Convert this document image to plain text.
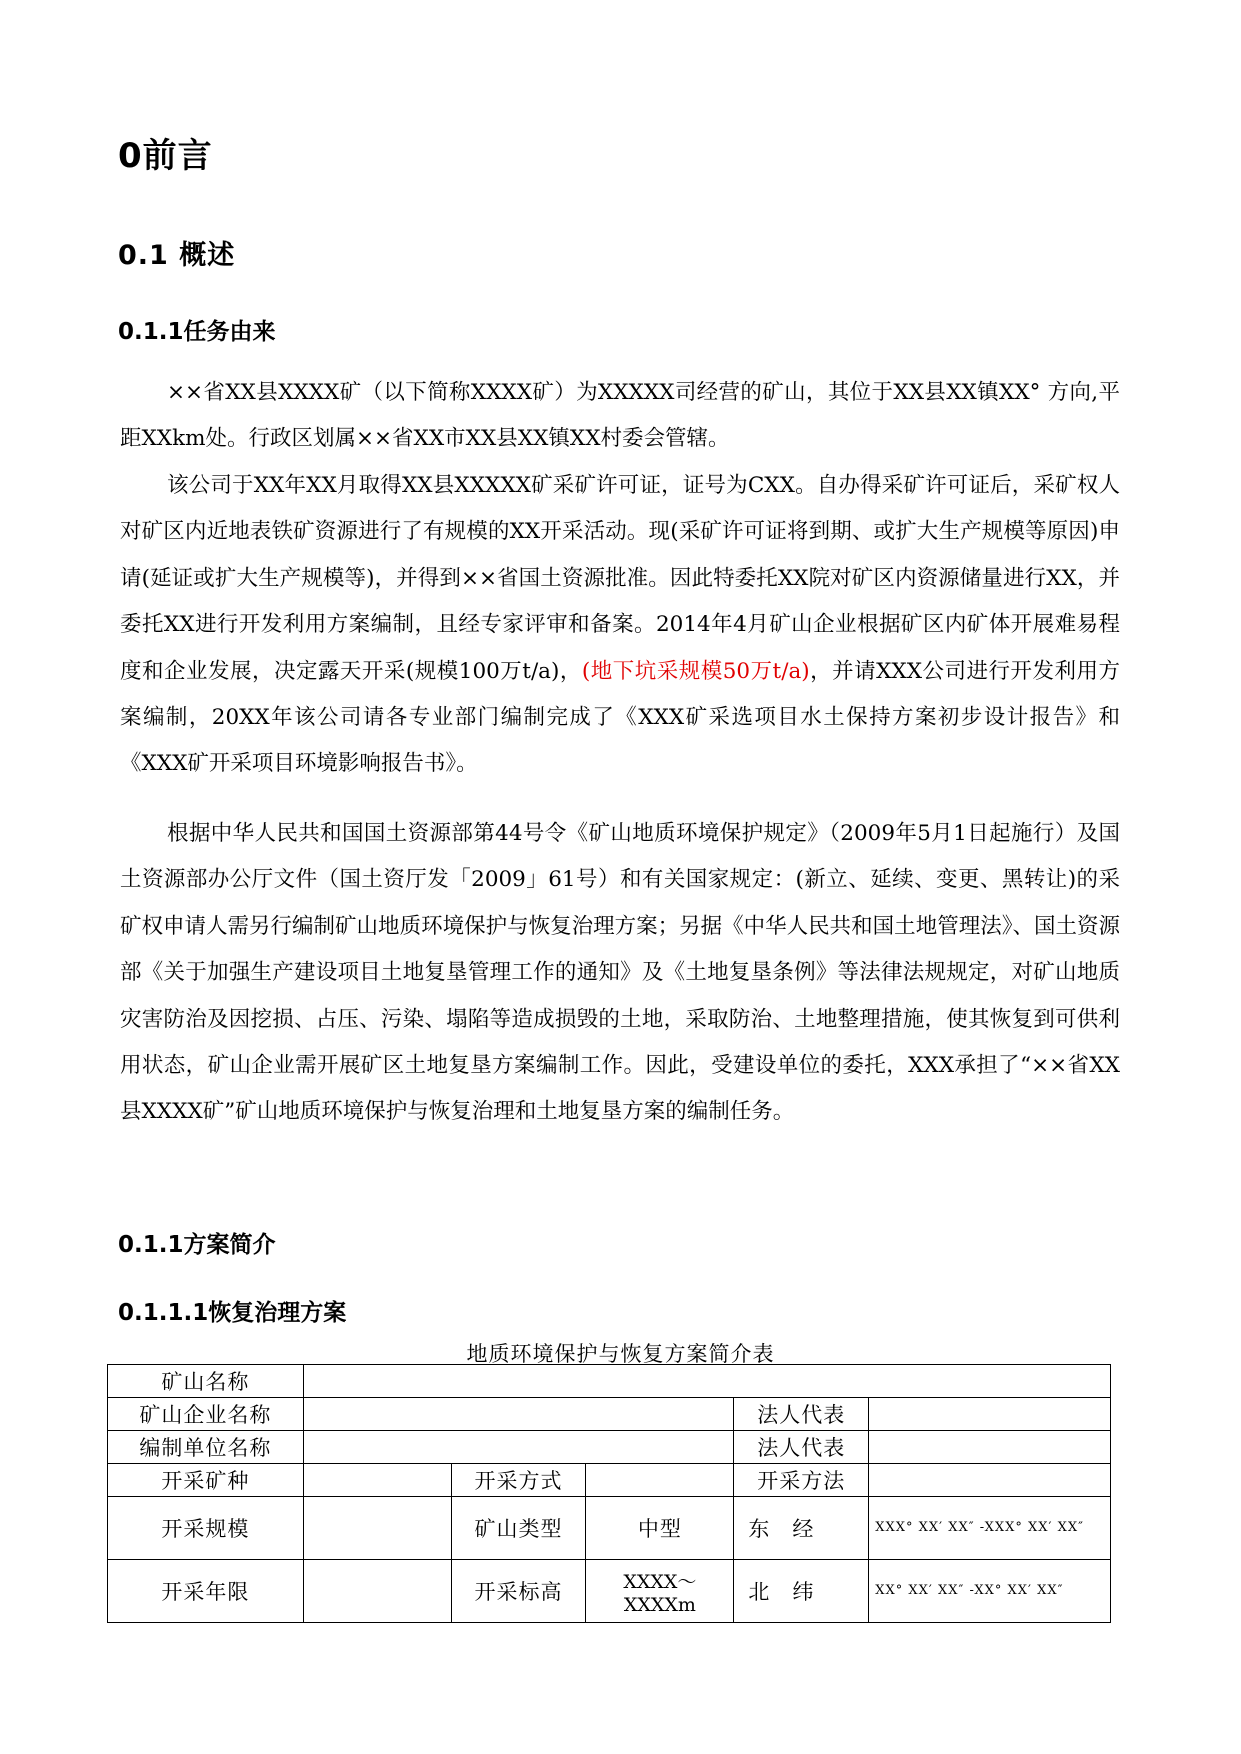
0前言
0.1 概述
0.1.1任务由来

××省XX县XXXX矿（以下简称XXXX矿）为XXXXX司经营的矿山，其位于XX县XX镇XX° 方向,平距XXkm处。行政区划属××省XX市XX县XX镇XX村委会管辖。

该公司于XX年XX月取得XX县XXXXX矿采矿许可证，证号为CXX。自办得采矿许可证后，采矿权人对矿区内近地表铁矿资源进行了有规模的XX开采活动。现(采矿许可证将到期、或扩大生产规模等原因)申请(延证或扩大生产规模等)，并得到××省国土资源批准。因此特委托XX院对矿区内资源储量进行XX，并委托XX进行开发利用方案编制，且经专家评审和备案。2014年4月矿山企业根据矿区内矿体开展难易程度和企业发展，决定露天开采(规模100万t/a)，(地下坑采规模50万t/a)，并请XXX公司进行开发利用方案编制，20XX年该公司请各专业部门编制完成了《XXX矿采选项目水土保持方案初步设计报告》和《XXX矿开采项目环境影响报告书》。

根据中华人民共和国国土资源部第44号令《矿山地质环境保护规定》（2009年5月1日起施行）及国土资源部办公厅文件（国土资厅发「2009」61号）和有关国家规定：(新立、延续、变更、黑转让)的采矿权申请人需另行编制矿山地质环境保护与恢复治理方案；另据《中华人民共和国土地管理法》、国土资源部《关于加强生产建设项目土地复垦管理工作的通知》及《土地复垦条例》等法律法规规定，对矿山地质灾害防治及因挖损、占压、污染、塌陷等造成损毁的土地，采取防治、土地整理措施，使其恢复到可供利用状态，矿山企业需开展矿区土地复垦方案编制工作。因此，受建设单位的委托，XXX承担了“××省XX县XXXX矿”矿山地质环境保护与恢复治理和土地复垦方案的编制任务。

0.1.1方案简介
0.1.1.1恢复治理方案
地质环境保护与恢复方案简介表
矿山名称					
矿山企业名称				法人代表	
编制单位名称				法人代表	
开采矿种		开采方式		开采方法	
开采规模		矿山类型	中型	东　经	XXX° XX′ XX″ -XXX° XX′ XX″
开采年限		开采标高	XXXX～XXXXm	北　纬	XX° XX′ XX″ -XX° XX′ XX″
